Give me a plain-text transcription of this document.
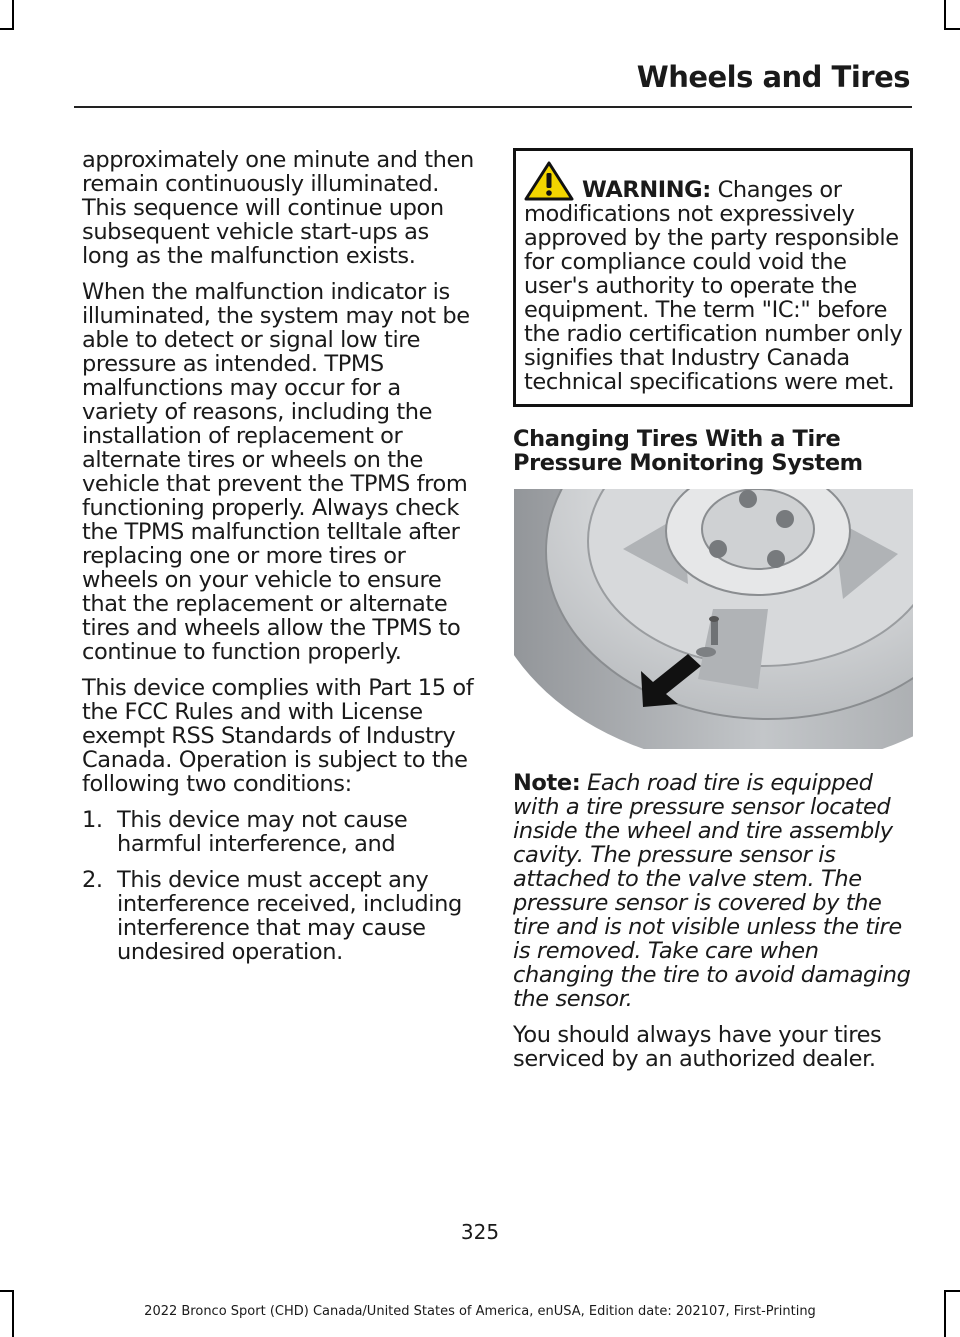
Wheels and Tires

approximately one minute and then remain continuously illuminated. This sequence will continue upon subsequent vehicle start-ups as long as the malfunction exists.

When the malfunction indicator is illuminated, the system may not be able to detect or signal low tire pressure as intended. TPMS malfunctions may occur for a variety of reasons, including the installation of replacement or alternate tires or wheels on the vehicle that prevent the TPMS from functioning properly. Always check the TPMS malfunction telltale after replacing one or more tires or wheels on your vehicle to ensure that the replacement or alternate tires and wheels allow the TPMS to continue to function properly.

This device complies with Part 15 of the FCC Rules and with License exempt RSS Standards of Industry Canada. Operation is subject to the following two conditions:

1. This device may not cause harmful interference, and
2. This device must accept any interference received, including interference that may cause undesired operation.

WARNING: Changes or modifications not expressively approved by the party responsible for compliance could void the user's authority to operate the equipment. The term "IC:" before the radio certification number only signifies that Industry Canada technical specifications were met.

Changing Tires With a Tire Pressure Monitoring System

Note: Each road tire is equipped with a tire pressure sensor located inside the wheel and tire assembly cavity. The pressure sensor is attached to the valve stem. The pressure sensor is covered by the tire and is not visible unless the tire is removed. Take care when changing the tire to avoid damaging the sensor.

You should always have your tires serviced by an authorized dealer.

325
2022 Bronco Sport (CHD) Canada/United States of America, enUSA, Edition date: 202107, First-Printing
